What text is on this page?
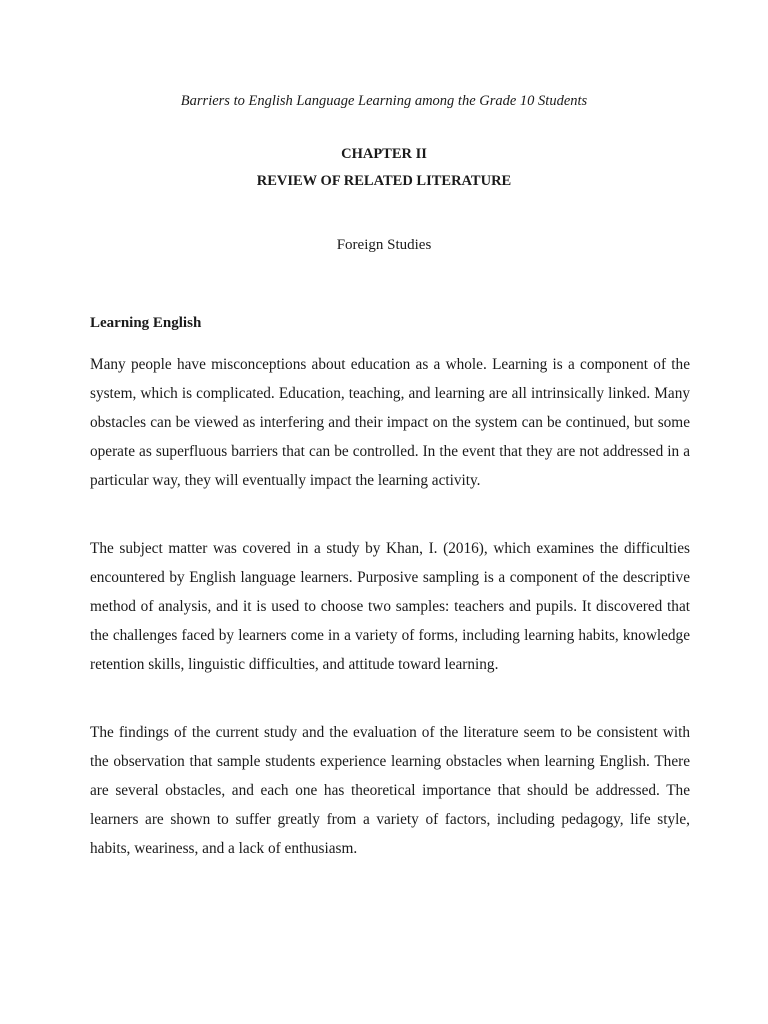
Barriers to English Language Learning among the Grade 10 Students
CHAPTER II
REVIEW OF RELATED LITERATURE
Foreign Studies
Learning English

Many people have misconceptions about education as a whole. Learning is a component of the system, which is complicated. Education, teaching, and learning are all intrinsically linked. Many obstacles can be viewed as interfering and their impact on the system can be continued, but some operate as superfluous barriers that can be controlled. In the event that they are not addressed in a particular way, they will eventually impact the learning activity.

The subject matter was covered in a study by Khan, I. (2016), which examines the difficulties encountered by English language learners. Purposive sampling is a component of the descriptive method of analysis, and it is used to choose two samples: teachers and pupils. It discovered that the challenges faced by learners come in a variety of forms, including learning habits, knowledge retention skills, linguistic difficulties, and attitude toward learning.

The findings of the current study and the evaluation of the literature seem to be consistent with the observation that sample students experience learning obstacles when learning English. There are several obstacles, and each one has theoretical importance that should be addressed. The learners are shown to suffer greatly from a variety of factors, including pedagogy, life style, habits, weariness, and a lack of enthusiasm.
